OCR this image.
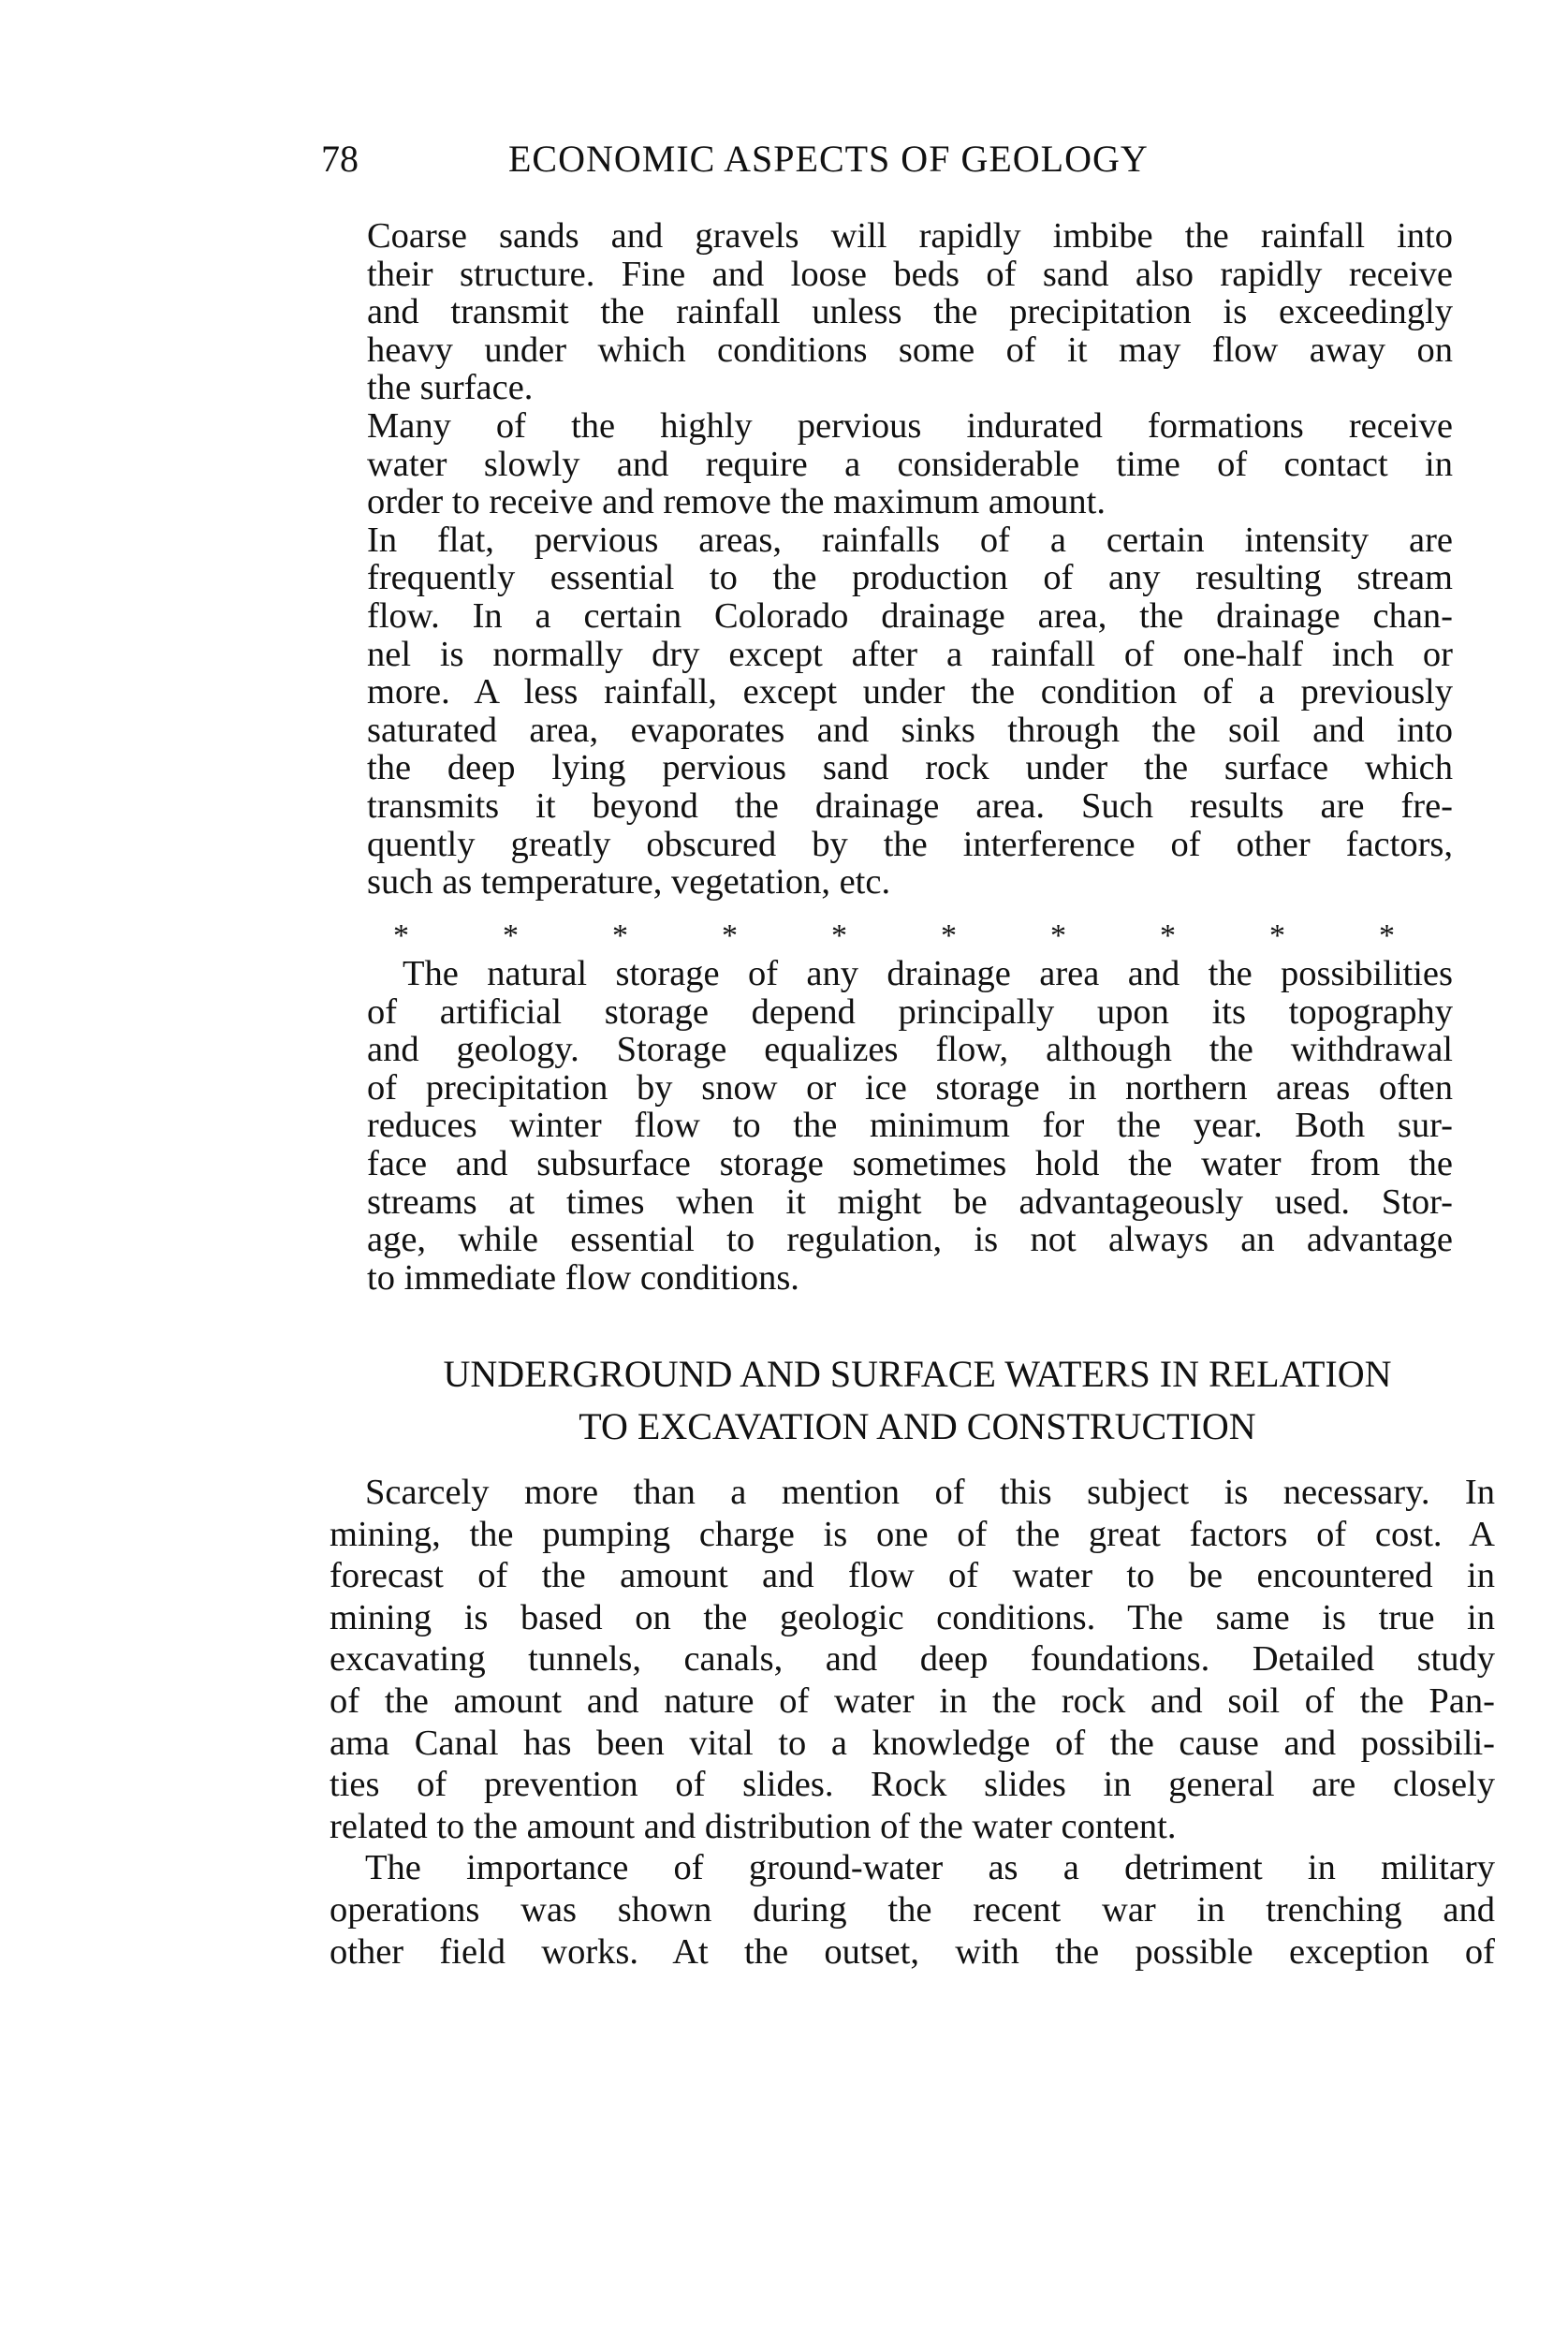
78	ECONOMIC ASPECTS OF GEOLOGY
Coarse sands and gravels will rapidly imbibe the rainfall into
their structure. Fine and loose beds of sand also rapidly receive
and transmit the rainfall unless the precipitation is exceedingly
heavy under which conditions some of it may flow away on
the surface.
Many of the highly pervious indurated formations receive
water slowly and require a considerable time of contact in
order to receive and remove the maximum amount.
In flat, pervious areas, rainfalls of a certain intensity are
frequently essential to the production of any resulting stream
flow. In a certain Colorado drainage area, the drainage chan-
nel is normally dry except after a rainfall of one-half inch or
more. A less rainfall, except under the condition of a previously
saturated area, evaporates and sinks through the soil and into
the deep lying pervious sand rock under the surface which
transmits it beyond the drainage area. Such results are fre-
quently greatly obscured by the interference of other factors,
such as temperature, vegetation, etc.
*	*	*	*	*	*	*	*	*	*
The natural storage of any drainage area and the possibilities
of artificial storage depend principally upon its topography
and geology. Storage equalizes flow, although the withdrawal
of precipitation by snow or ice storage in northern areas often
reduces winter flow to the minimum for the year. Both sur-
face and subsurface storage sometimes hold the water from the
streams at times when it might be advantageously used. Stor-
age, while essential to regulation, is not always an advantage
to immediate flow conditions.
UNDERGROUND AND SURFACE WATERS IN RELATION
TO EXCAVATION AND CONSTRUCTION
Scarcely more than a mention of this subject is necessary. In
mining, the pumping charge is one of the great factors of cost. A
forecast of the amount and flow of water to be encountered in
mining is based on the geologic conditions. The same is true in
excavating tunnels, canals, and deep foundations. Detailed study
of the amount and nature of water in the rock and soil of the Pan-
ama Canal has been vital to a knowledge of the cause and possibili-
ties of prevention of slides. Rock slides in general are closely
related to the amount and distribution of the water content.
The importance of ground-water as a detriment in military
operations was shown during the recent war in trenching and
other field works. At the outset, with the possible exception of
